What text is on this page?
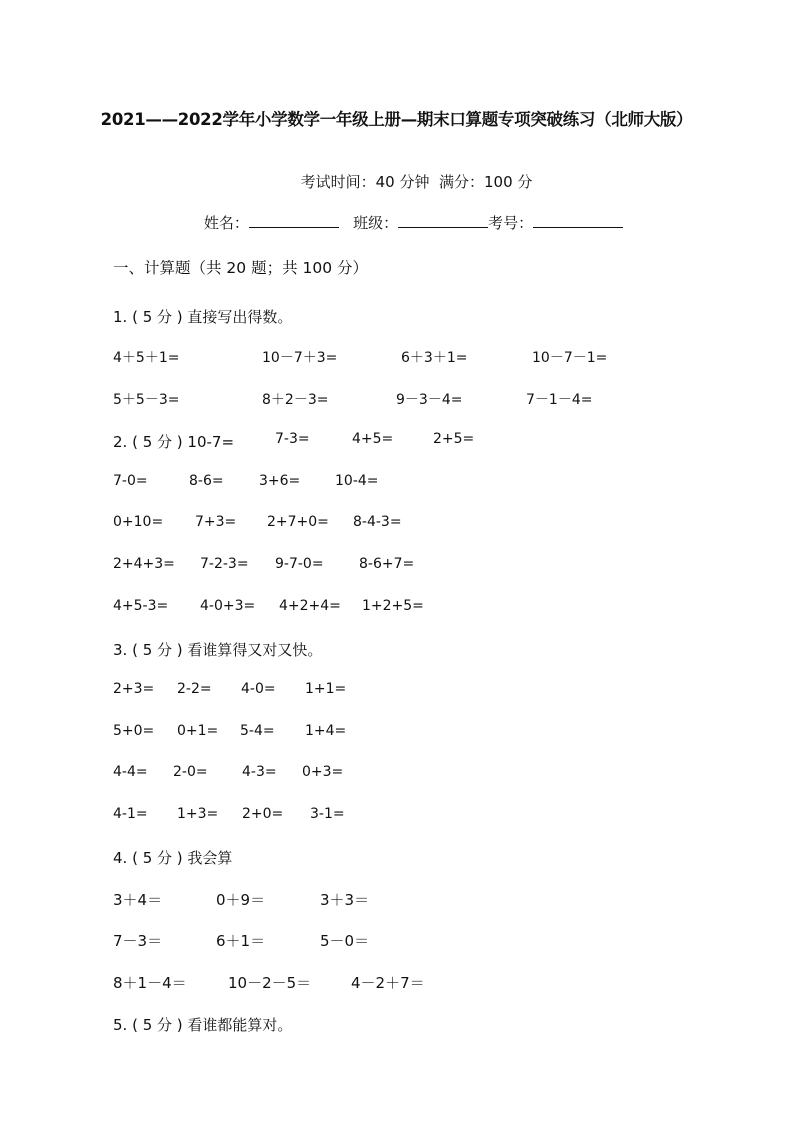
2021——2022学年小学数学一年级上册—期末口算题专项突破练习（北师大版）
考试时间：40 分钟 满分：100 分
姓名：	班级：	考号：
一、计算题（共 20 题；共 100 分）
1. ( 5 分 ) 直接写出得数。
4＋5＋1=	10－7＋3=	6＋3＋1=	10－7－1=
5＋5－3=	8＋2－3=	9－3－4=	7－1－4=
2. ( 5 分 ) 10-7=	7-3=	4+5=	2+5=
7-0=	8-6=	3+6= 10-4=
0+10= 7+3= 2+7+0= 8-4-3=
2+4+3= 7-2-3= 9-7-0=	8-6+7=
4+5-3= 4-0+3= 4+2+4= 1+2+5=
3. ( 5 分 ) 看谁算得又对又快。
2+3= 2-2= 4-0= 1+1=
5+0= 0+1= 5-4= 1+4=
4-4= 2-0= 4-3= 0+3=
4-1= 1+3= 2+0= 3-1=
4. ( 5 分 ) 我会算
3＋4＝	0＋9＝	3＋3＝
7－3＝	6＋1＝	5－0＝
8＋1－4＝	10－2－5＝	4－2＋7＝
5. ( 5 分 ) 看谁都能算对。
